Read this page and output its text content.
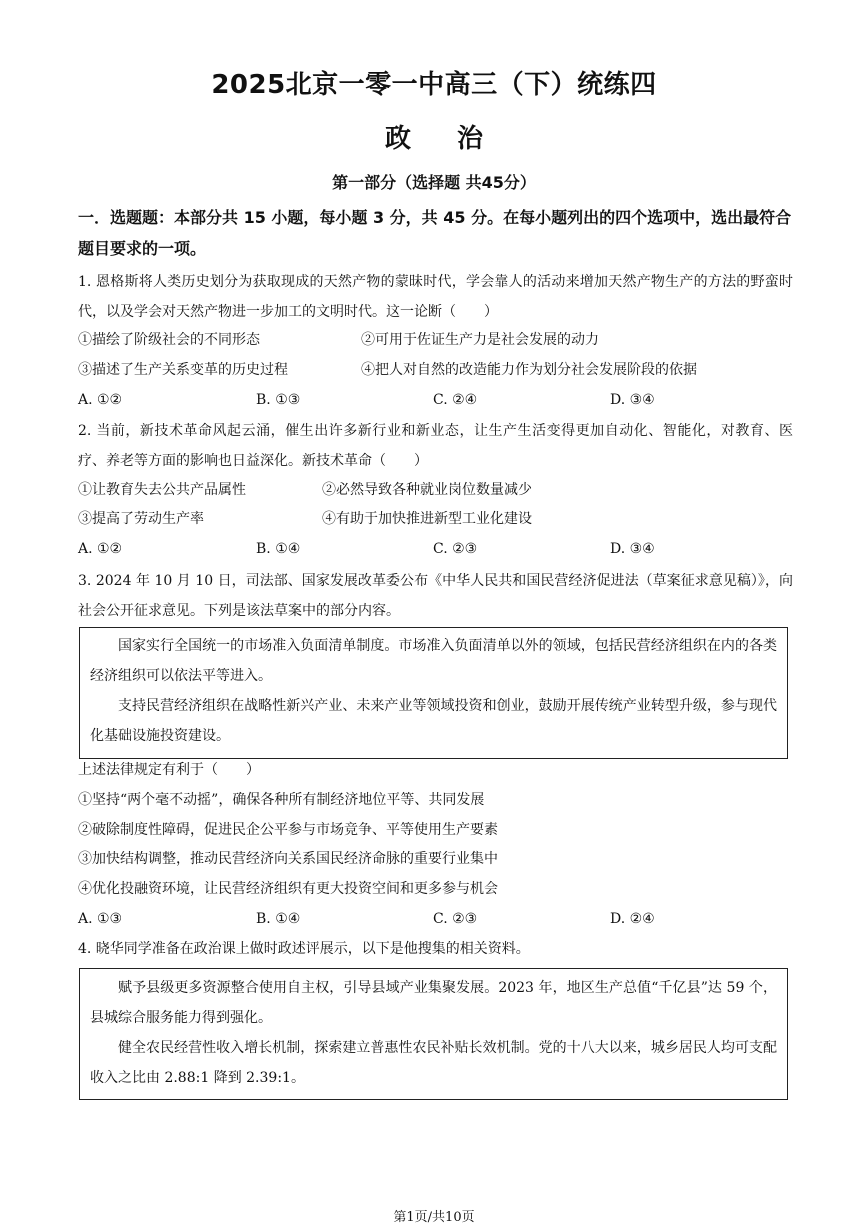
2025北京一零一中高三（下）统练四
政治
第一部分（选择题 共45分）
一．选题题：本部分共 15 小题，每小题 3 分，共 45 分。在每小题列出的四个选项中，选出最符合题目要求的一项。
1. 恩格斯将人类历史划分为获取现成的天然产物的蒙昧时代，学会靠人的活动来增加天然产物生产的方法的野蛮时代，以及学会对天然产物进一步加工的文明时代。这一论断（　　）
①描绘了阶级社会的不同形态	②可用于佐证生产力是社会发展的动力
③描述了生产关系变革的历史过程	④把人对自然的改造能力作为划分社会发展阶段的依据
A. ①②	B. ①③	C. ②④	D. ③④
2. 当前，新技术革命风起云涌，催生出许多新行业和新业态，让生产生活变得更加自动化、智能化，对教育、医疗、养老等方面的影响也日益深化。新技术革命（　　）
①让教育失去公共产品属性	②必然导致各种就业岗位数量减少
③提高了劳动生产率	④有助于加快推进新型工业化建设
A. ①②	B. ①④	C. ②③	D. ③④
3. 2024 年 10 月 10 日，司法部、国家发展改革委公布《中华人民共和国民营经济促进法（草案征求意见稿）》，向社会公开征求意见。下列是该法草案中的部分内容。

国家实行全国统一的市场准入负面清单制度。市场准入负面清单以外的领域，包括民营经济组织在内的各类经济组织可以依法平等进入。

支持民营经济组织在战略性新兴产业、未来产业等领域投资和创业，鼓励开展传统产业转型升级，参与现代化基础设施投资建设。

上述法律规定有利于（　　）
①坚持“两个毫不动摇”，确保各种所有制经济地位平等、共同发展
②破除制度性障碍，促进民企公平参与市场竞争、平等使用生产要素
③加快结构调整，推动民营经济向关系国民经济命脉的重要行业集中
④优化投融资环境，让民营经济组织有更大投资空间和更多参与机会
A. ①③	B. ①④	C. ②③	D. ②④
4. 晓华同学准备在政治课上做时政述评展示，以下是他搜集的相关资料。

赋予县级更多资源整合使用自主权，引导县域产业集聚发展。2023 年，地区生产总值“千亿县”达 59 个，县城综合服务能力得到强化。

健全农民经营性收入增长机制，探索建立普惠性农民补贴长效机制。党的十八大以来，城乡居民人均可支配收入之比由 2.88:1 降到 2.39:1。

第1页/共10页
